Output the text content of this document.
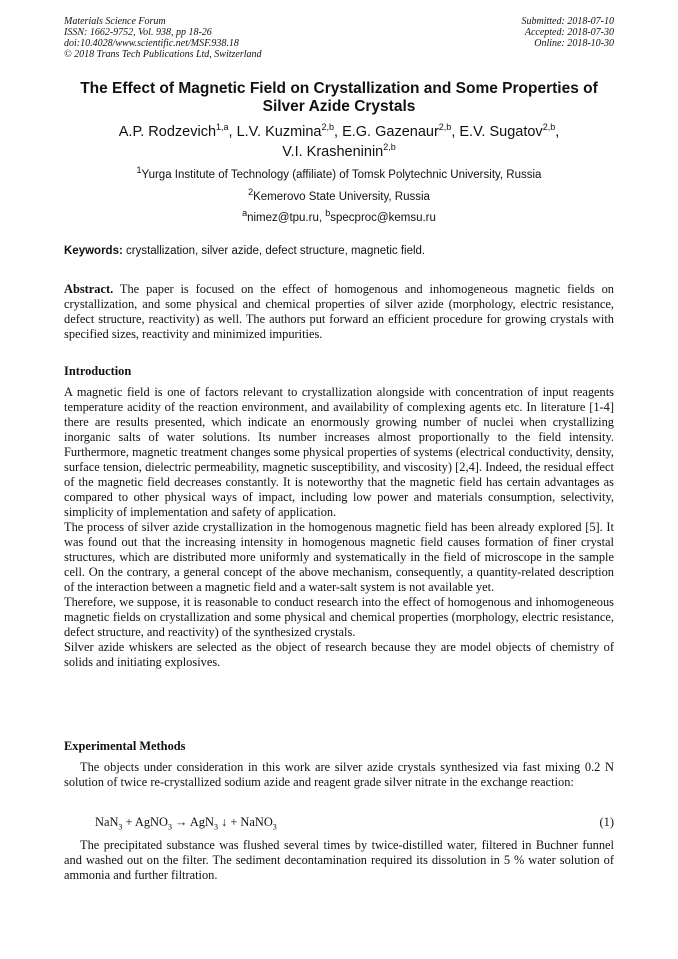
Materials Science Forum
ISSN: 1662-9752, Vol. 938, pp 18-26
doi:10.4028/www.scientific.net/MSF.938.18
© 2018 Trans Tech Publications Ltd, Switzerland
Submitted: 2018-07-10
Accepted: 2018-07-30
Online: 2018-10-30
The Effect of Magnetic Field on Crystallization and Some Properties of Silver Azide Crystals
A.P. Rodzevich$^{1,a}$, L.V. Kuzmina$^{2,b}$, E.G. Gazenaur$^{2,b}$, E.V. Sugatov$^{2,b}$,
V.I. Krasheninin$^{2,b}$
$^1$Yurga Institute of Technology (affiliate) of Tomsk Polytechnic University, Russia
$^2$Kemerovo State University, Russia
$^a$nimez@tpu.ru, $^b$specproc@kemsu.ru
Keywords: crystallization, silver azide, defect structure, magnetic field.

Abstract. The paper is focused on the effect of homogenous and inhomogeneous magnetic fields on crystallization, and some physical and chemical properties of silver azide (morphology, electric resistance, defect structure, reactivity) as well. The authors put forward an efficient procedure for growing crystals with specified sizes, reactivity and minimized impurities.

Introduction

A magnetic field is one of factors relevant to crystallization alongside with concentration of input reagents temperature acidity of the reaction environment, and availability of complexing agents etc. In literature [1-4] there are results presented, which indicate an enormously growing number of nuclei when crystallizing inorganic salts of water solutions. Its number increases almost proportionally to the field intensity. Furthermore, magnetic treatment changes some physical properties of systems (electrical conductivity, density, surface tension, dielectric permeability, magnetic susceptibility, and viscosity) [2,4]. Indeed, the residual effect of the magnetic field decreases constantly. It is noteworthy that the magnetic field has certain advantages as compared to other physical ways of impact, including low power and materials consumption, selectivity, simplicity of implementation and safety of application.

The process of silver azide crystallization in the homogenous magnetic field has been already explored [5]. It was found out that the increasing intensity in homogenous magnetic field causes formation of finer crystal structures, which are distributed more uniformly and systematically in the field of microscope in the sample cell. On the contrary, a general concept of the above mechanism, consequently, a quantity-related description of the interaction between a magnetic field and a water-salt system is not available yet.

Therefore, we suppose, it is reasonable to conduct research into the effect of homogenous and inhomogeneous magnetic fields on crystallization and some physical and chemical properties (morphology, electric resistance, defect structure, and reactivity) of the synthesized crystals.

Silver azide whiskers are selected as the object of research because they are model objects of chemistry of solids and initiating explosives.

Experimental Methods

The objects under consideration in this work are silver azide crystals synthesized via fast mixing 0.2 N solution of twice re-crystallized sodium azide and reagent grade silver nitrate in the exchange reaction:

NaN$_3$ + AgNO$_3$ → AgN$_3$ ↓ + NaNO$_3$	(1)

The precipitated substance was flushed several times by twice-distilled water, filtered in Buchner funnel and washed out on the filter. The sediment decontamination required its dissolution in 5 % water solution of ammonia and further filtration.
